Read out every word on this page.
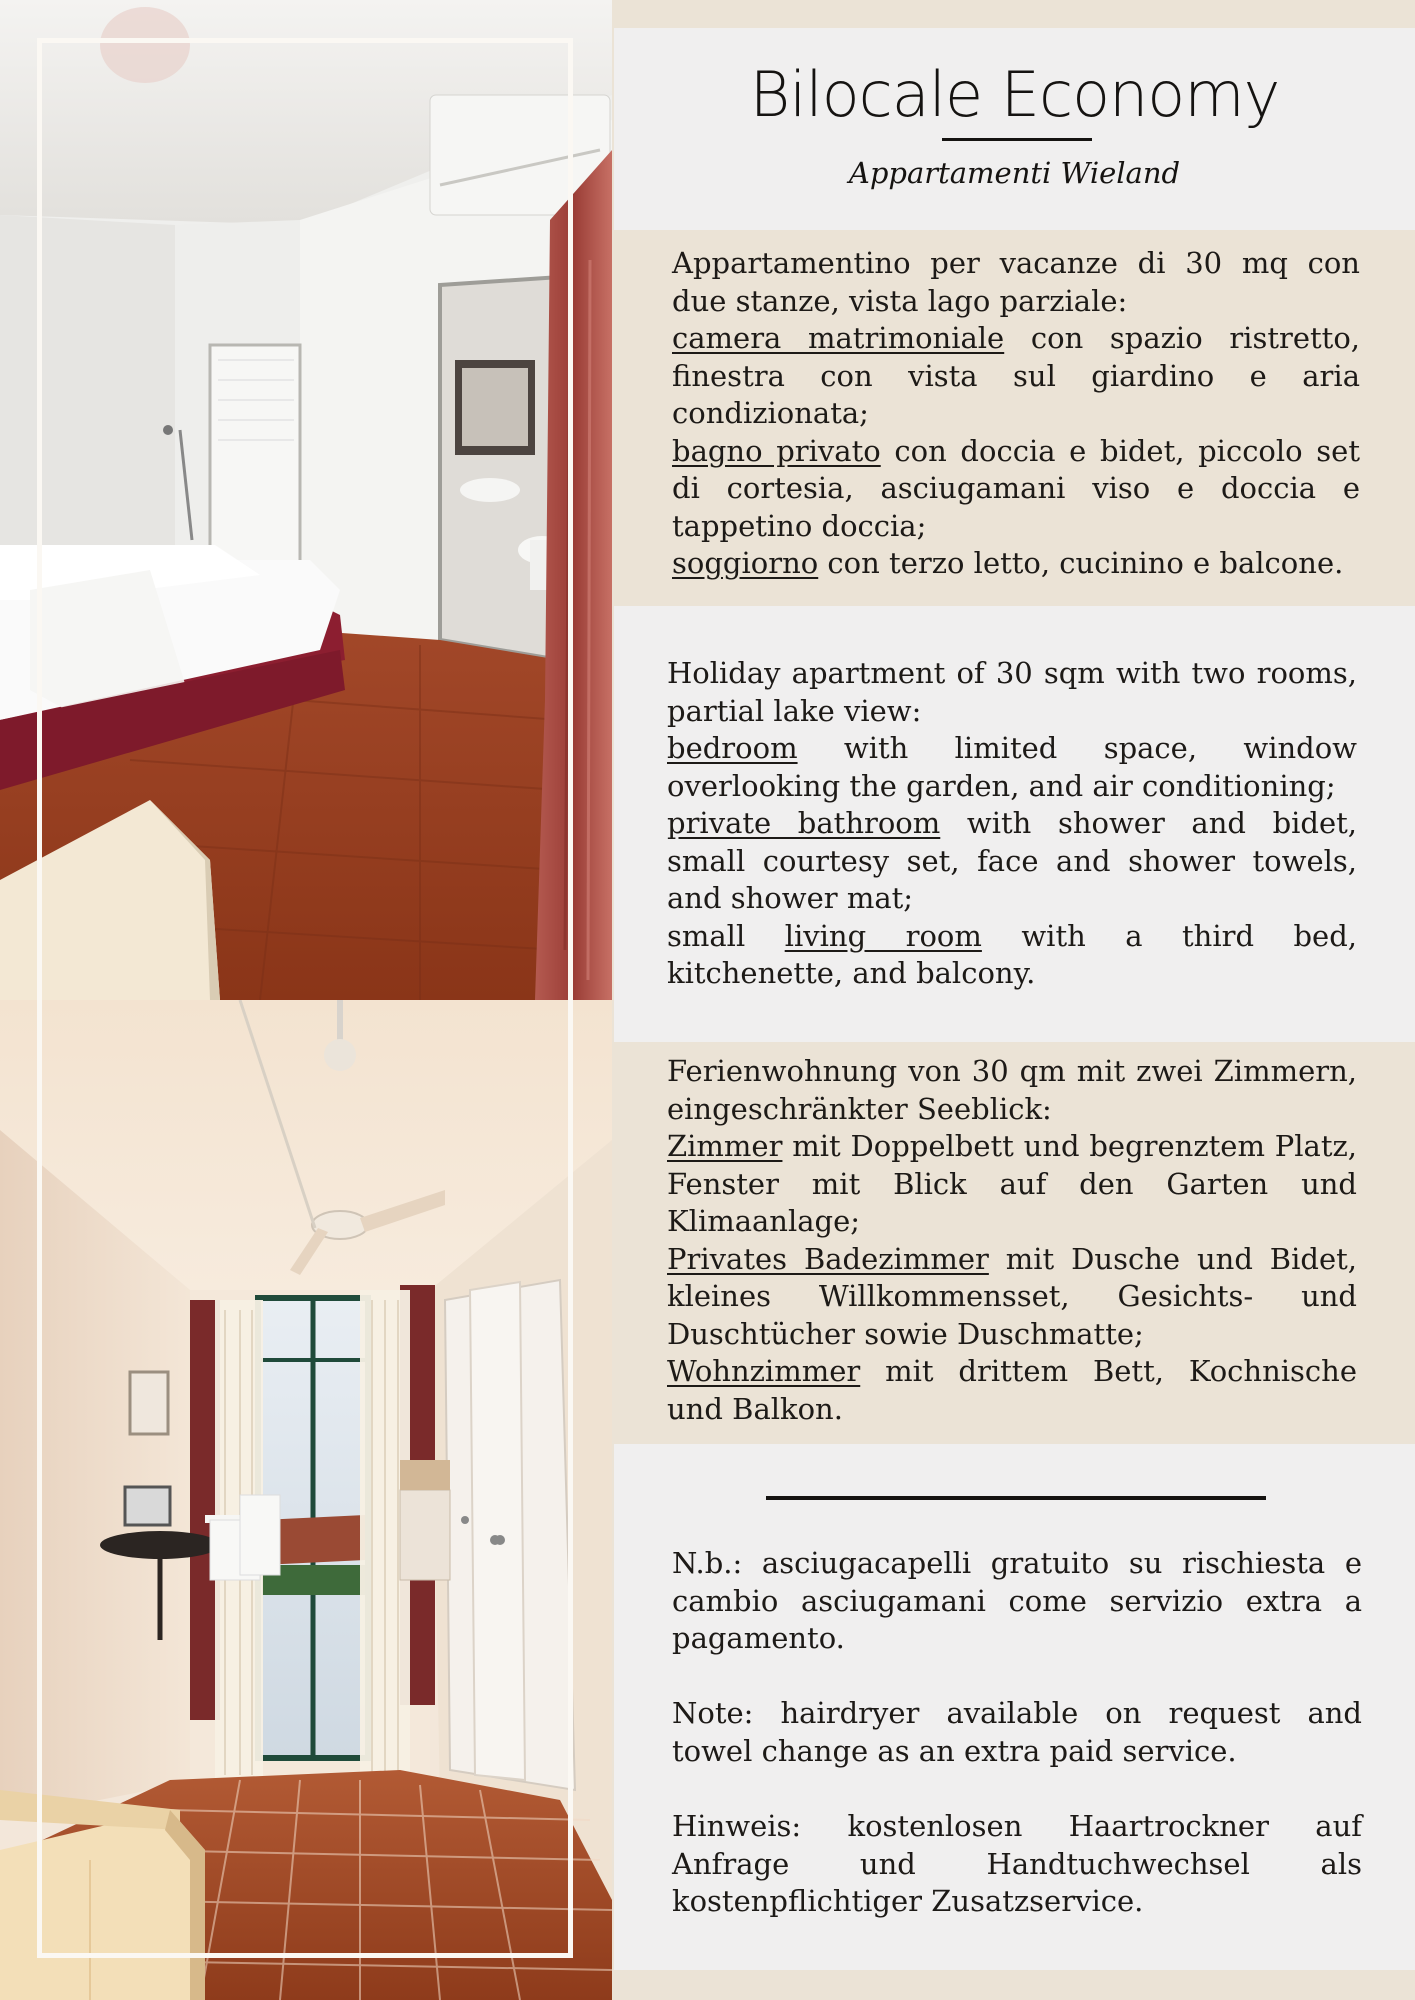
Bilocale Economy

Appartamenti Wieland

Appartamentino per vacanze di 30 mq con due stanze, vista lago parziale:
camera matrimoniale con spazio ristretto, finestra con vista sul giardino e aria condizionata;
bagno privato con doccia e bidet, piccolo set di cortesia, asciugamani viso e doccia e tappetino doccia;
soggiorno con terzo letto, cucinino e balcone.

Holiday apartment of 30 sqm with two rooms, partial lake view:
bedroom with limited space, window overlooking the garden, and air conditioning;
private bathroom with shower and bidet, small courtesy set, face and shower towels, and shower mat;
small living room with a third bed, kitchenette, and balcony.

Ferienwohnung von 30 qm mit zwei Zimmern, eingeschränkter Seeblick:
Zimmer mit Doppelbett und begrenztem Platz, Fenster mit Blick auf den Garten und Klimaanlage;
Privates Badezimmer mit Dusche und Bidet, kleines Willkommensset, Gesichts- und Duschtücher sowie Duschmatte;
Wohnzimmer mit drittem Bett, Kochnische und Balkon.

N.b.: asciugacapelli gratuito su rischiesta e cambio asciugamani come servizio extra a pagamento.

Note: hairdryer available on request and towel change as an extra paid service.

Hinweis: kostenlosen Haartrockner auf Anfrage und Handtuchwechsel als kostenpflichtiger Zusatzservice.
